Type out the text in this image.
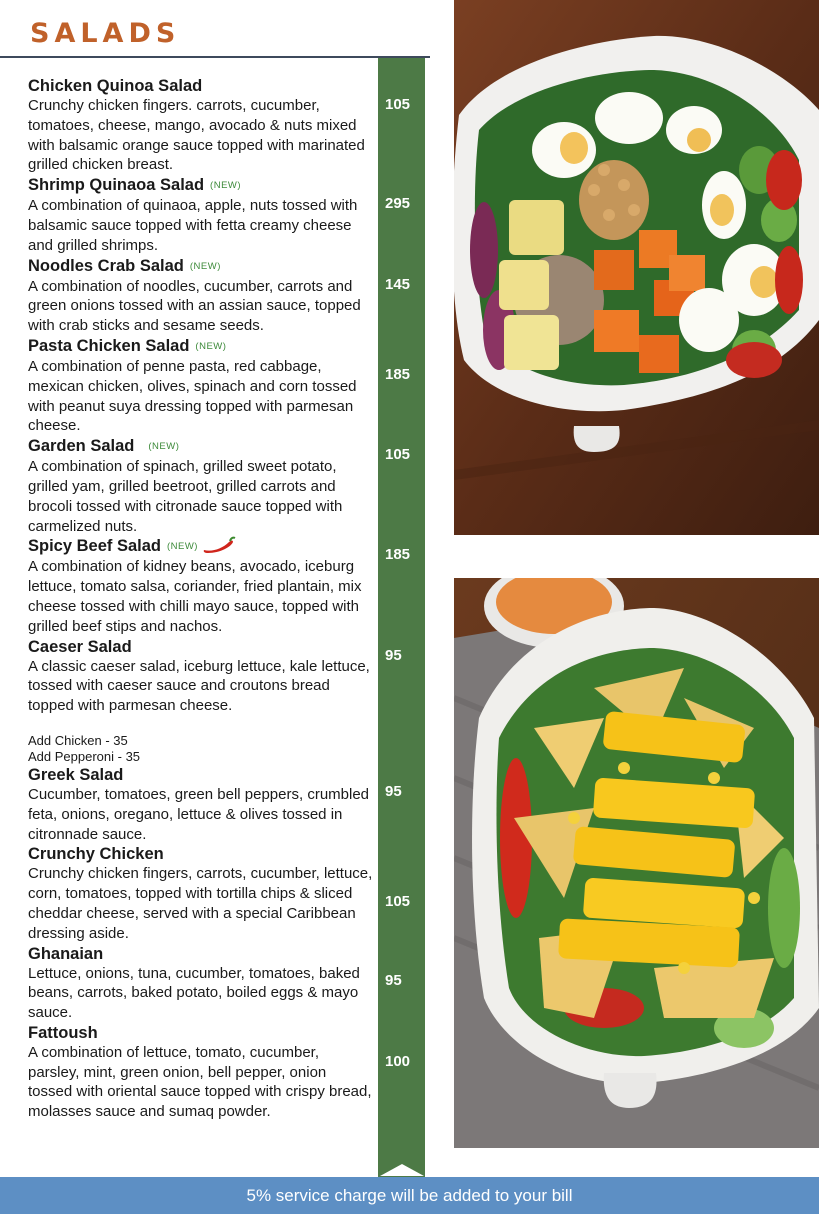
SALADS
Chicken Quinoa Salad
Crunchy chicken fingers. carrots, cucumber, tomatoes, cheese, mango, avocado & nuts mixed with balsamic orange sauce topped with marinated grilled chicken breast.
105
Shrimp Quinaoa Salad (NEW)
A combination of quinaoa, apple, nuts tossed with balsamic sauce topped with fetta creamy cheese and grilled shrimps.
295
Noodles Crab Salad (NEW)
A combination of noodles, cucumber, carrots and green onions tossed with an assian sauce, topped with crab sticks and sesame seeds.
145
Pasta Chicken Salad (NEW)
A combination of penne pasta, red cabbage, mexican chicken, olives, spinach and corn tossed with peanut suya dressing topped with parmesan cheese.
185
Garden Salad (NEW)
A combination of spinach, grilled sweet potato, grilled yam, grilled beetroot, grilled carrots and brocoli tossed with citronade sauce topped with carmelized nuts.
105
Spicy Beef Salad (NEW)
A combination of kidney beans, avocado, iceburg lettuce, tomato salsa, coriander, fried plantain, mix cheese tossed with chilli mayo sauce, topped with grilled beef stips and nachos.
185
Caeser Salad
A classic caeser salad, iceburg lettuce, kale lettuce, tossed with caeser sauce and croutons bread topped with parmesan cheese.
95
Add Chicken - 35
Add Pepperoni - 35
Greek Salad
Cucumber, tomatoes, green bell peppers, crumbled feta, onions, oregano, lettuce & olives tossed in citronnade sauce.
95
Crunchy Chicken
Crunchy chicken fingers, carrots, cucumber, lettuce, corn, tomatoes, topped with tortilla chips & sliced cheddar cheese, served with a special Caribbean dressing aside.
105
Ghanaian
Lettuce, onions, tuna, cucumber, tomatoes, baked beans, carrots, baked potato, boiled eggs & mayo sauce.
95
Fattoush
A combination of lettuce, tomato, cucumber, parsley, mint, green onion, bell pepper, onion tossed with oriental sauce topped with crispy bread, molasses sauce and sumaq powder.
100
5% service charge will be added to your bill
